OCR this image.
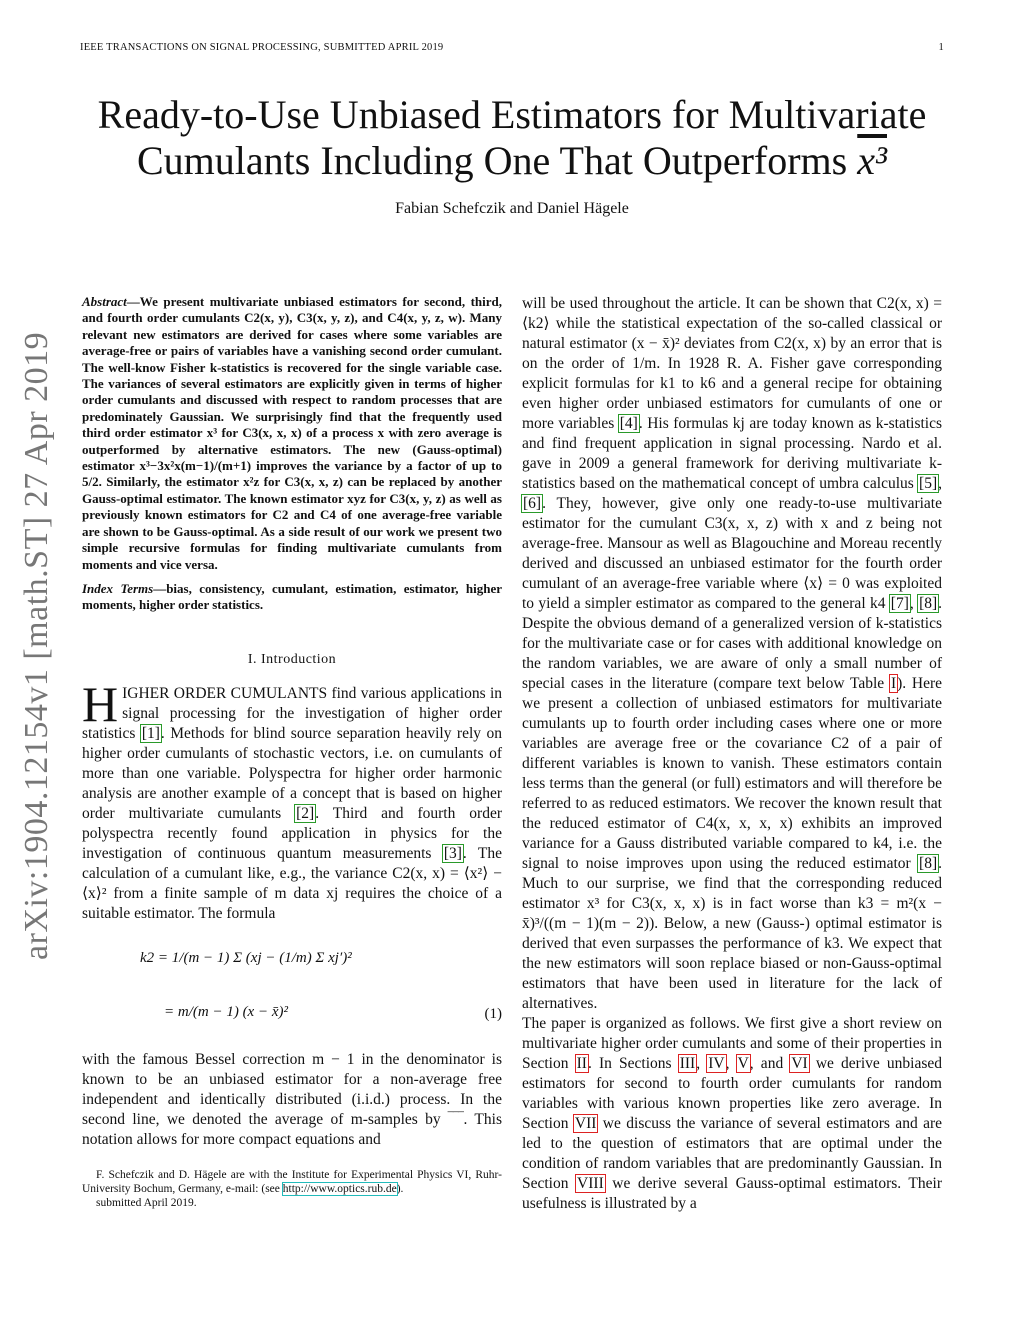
IEEE TRANSACTIONS ON SIGNAL PROCESSING, SUBMITTED APRIL 2019	1
Ready-to-Use Unbiased Estimators for Multivariate
Cumulants Including One That Outperforms x³
Fabian Schefczik and Daniel Hägele
arXiv:1904.12154v1 [math.ST] 27 Apr 2019

Abstract—We present multivariate unbiased estimators for second, third, and fourth order cumulants C2(x, y), C3(x, y, z), and C4(x, y, z, w). Many relevant new estimators are derived for cases where some variables are average-free or pairs of variables have a vanishing second order cumulant. The well-know Fisher k-statistics is recovered for the single variable case. The variances of several estimators are explicitly given in terms of higher order cumulants and discussed with respect to random processes that are predominately Gaussian. We surprisingly find that the frequently used third order estimator x³ for C3(x, x, x) of a process x with zero average is outperformed by alternative estimators. The new (Gauss-optimal) estimator x³−3x²x(m−1)/(m+1) improves the variance by a factor of up to 5/2. Similarly, the estimator x²z for C3(x, x, z) can be replaced by another Gauss-optimal estimator. The known estimator xyz for C3(x, y, z) as well as previously known estimators for C2 and C4 of one average-free variable are shown to be Gauss-optimal. As a side result of our work we present two simple recursive formulas for finding multivariate cumulants from moments and vice versa.

Index Terms—bias, consistency, cumulant, estimation, estimator, higher moments, higher order statistics.

I. Introduction

HIGHER ORDER CUMULANTS find various applications in signal processing for the investigation of higher order statistics [1]. Methods for blind source separation heavily rely on higher order cumulants of stochastic vectors, i.e. on cumulants of more than one variable. Polyspectra for higher order harmonic analysis are another example of a concept that is based on higher order multivariate cumulants [2]. Third and fourth order polyspectra recently found application in physics for the investigation of continuous quantum measurements [3]. The calculation of a cumulant like, e.g., the variance C2(x, x) = ⟨x²⟩ − ⟨x⟩² from a finite sample of m data xj requires the choice of a suitable estimator. The formula

k2 = 1/(m − 1) Σ (xj − (1/m) Σ xj′)²
= m/(m − 1) (x − x̄)²	(1)

with the famous Bessel correction m − 1 in the denominator is known to be an unbiased estimator for a non-average free independent and identically distributed (i.i.d.) process. In the second line, we denoted the average of m-samples by ‾‾‾. This notation allows for more compact equations and

F. Schefczik and D. Hägele are with the Institute for Experimental Physics VI, Ruhr-University Bochum, Germany, e-mail: (see http://www.optics.rub.de).
submitted April 2019.

will be used throughout the article. It can be shown that C2(x, x) = ⟨k2⟩ while the statistical expectation of the so-called classical or natural estimator (x − x̄)² deviates from C2(x, x) by an error that is on the order of 1/m. In 1928 R. A. Fisher gave corresponding explicit formulas for k1 to k6 and a general recipe for obtaining even higher order unbiased estimators for cumulants of one or more variables [4]. His formulas kj are today known as k-statistics and find frequent application in signal processing. Nardo et al. gave in 2009 a general framework for deriving multivariate k-statistics based on the mathematical concept of umbra calculus [5], [6]. They, however, give only one ready-to-use multivariate estimator for the cumulant C3(x, x, z) with x and z being not average-free. Mansour as well as Blagouchine and Moreau recently derived and discussed an unbiased estimator for the fourth order cumulant of an average-free variable where ⟨x⟩ = 0 was exploited to yield a simpler estimator as compared to the general k4 [7], [8]. Despite the obvious demand of a generalized version of k-statistics for the multivariate case or for cases with additional knowledge on the random variables, we are aware of only a small number of special cases in the literature (compare text below Table I). Here we present a collection of unbiased estimators for multivariate cumulants up to fourth order including cases where one or more variables are average free or the covariance C2 of a pair of different variables is known to vanish. These estimators contain less terms than the general (or full) estimators and will therefore be referred to as reduced estimators. We recover the known result that the reduced estimator of C4(x, x, x, x) exhibits an improved variance for a Gauss distributed variable compared to k4, i.e. the signal to noise improves upon using the reduced estimator [8]. Much to our surprise, we find that the corresponding reduced estimator x³ for C3(x, x, x) is in fact worse than k3 = m²(x − x̄)³/((m − 1)(m − 2)). Below, a new (Gauss-) optimal estimator is derived that even surpasses the performance of k3. We expect that the new estimators will soon replace biased or non-Gauss-optimal estimators that have been used in literature for the lack of alternatives.

The paper is organized as follows. We first give a short review on multivariate higher order cumulants and some of their properties in Section II. In Sections III, IV, V, and VI we derive unbiased estimators for second to fourth order cumulants for random variables with various known properties like zero average. In Section VII we discuss the variance of several estimators and are led to the question of estimators that are optimal under the condition of random variables that are predominantly Gaussian. In Section VIII we derive several Gauss-optimal estimators. Their usefulness is illustrated by a
